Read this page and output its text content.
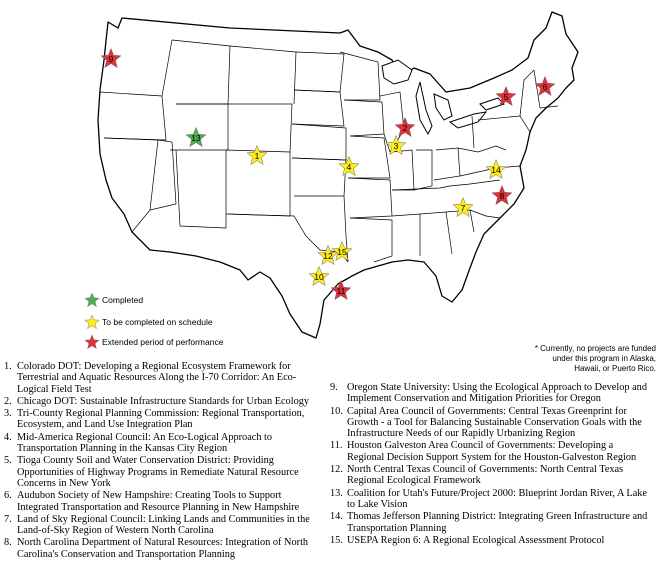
1
2
3
4
5
6
7
8
9
10
11
12
13
14
15
Completed
To be completed on schedule
Extended period of performance
* Currently, no projects are funded
under this program in Alaska,
Hawaii, or Puerto Rico.
1. Colorado DOT: Developing a Regional Ecosystem Framework for Terrestrial and Aquatic Resources Along the I-70 Corridor: An Eco-Logical Field Test
2. Chicago DOT: Sustainable Infrastructure Standards for Urban Ecology
3. Tri-County Regional Planning Commission: Regional Transportation, Ecosystem, and Land Use Integration Plan
4. Mid-America Regional Council: An Eco-Logical Approach to Transportation Planning in the Kansas City Region
5. Tioga County Soil and Water Conservation District: Providing Opportunities of Highway Programs in Remediate Natural Resource Concerns in New York
6. Audubon Society of New Hampshire: Creating Tools to Support Integrated Transportation and Resource Planning in New Hampshire
7. Land of Sky Regional Council: Linking Lands and Communities in the Land-of-Sky Region of Western North Carolina
8. North Carolina Department of Natural Resources: Integration of North Carolina's Conservation and Transportation Planning
9. Oregon State University: Using the Ecological Approach to Develop and Implement Conservation and Mitigation Priorities for Oregon
10. Capital Area Council of Governments: Central Texas Greenprint for Growth - a Tool for Balancing Sustainable Conservation Goals with the Infrastructure Needs of our Rapidly Urbanizing Region
11. Houston Galveston Area Council of Governments: Developing a Regional Decision Support System for the Houston-Galveston Region
12. North Central Texas Council of Governments: North Central Texas Regional Ecological Framework
13. Coalition for Utah's Future/Project 2000: Blueprint Jordan River, A Lake to Lake Vision
14. Thomas Jefferson Planning District: Integrating Green Infrastructure and Transportation Planning
15. USEPA Region 6: A Regional Ecological Assessment Protocol
